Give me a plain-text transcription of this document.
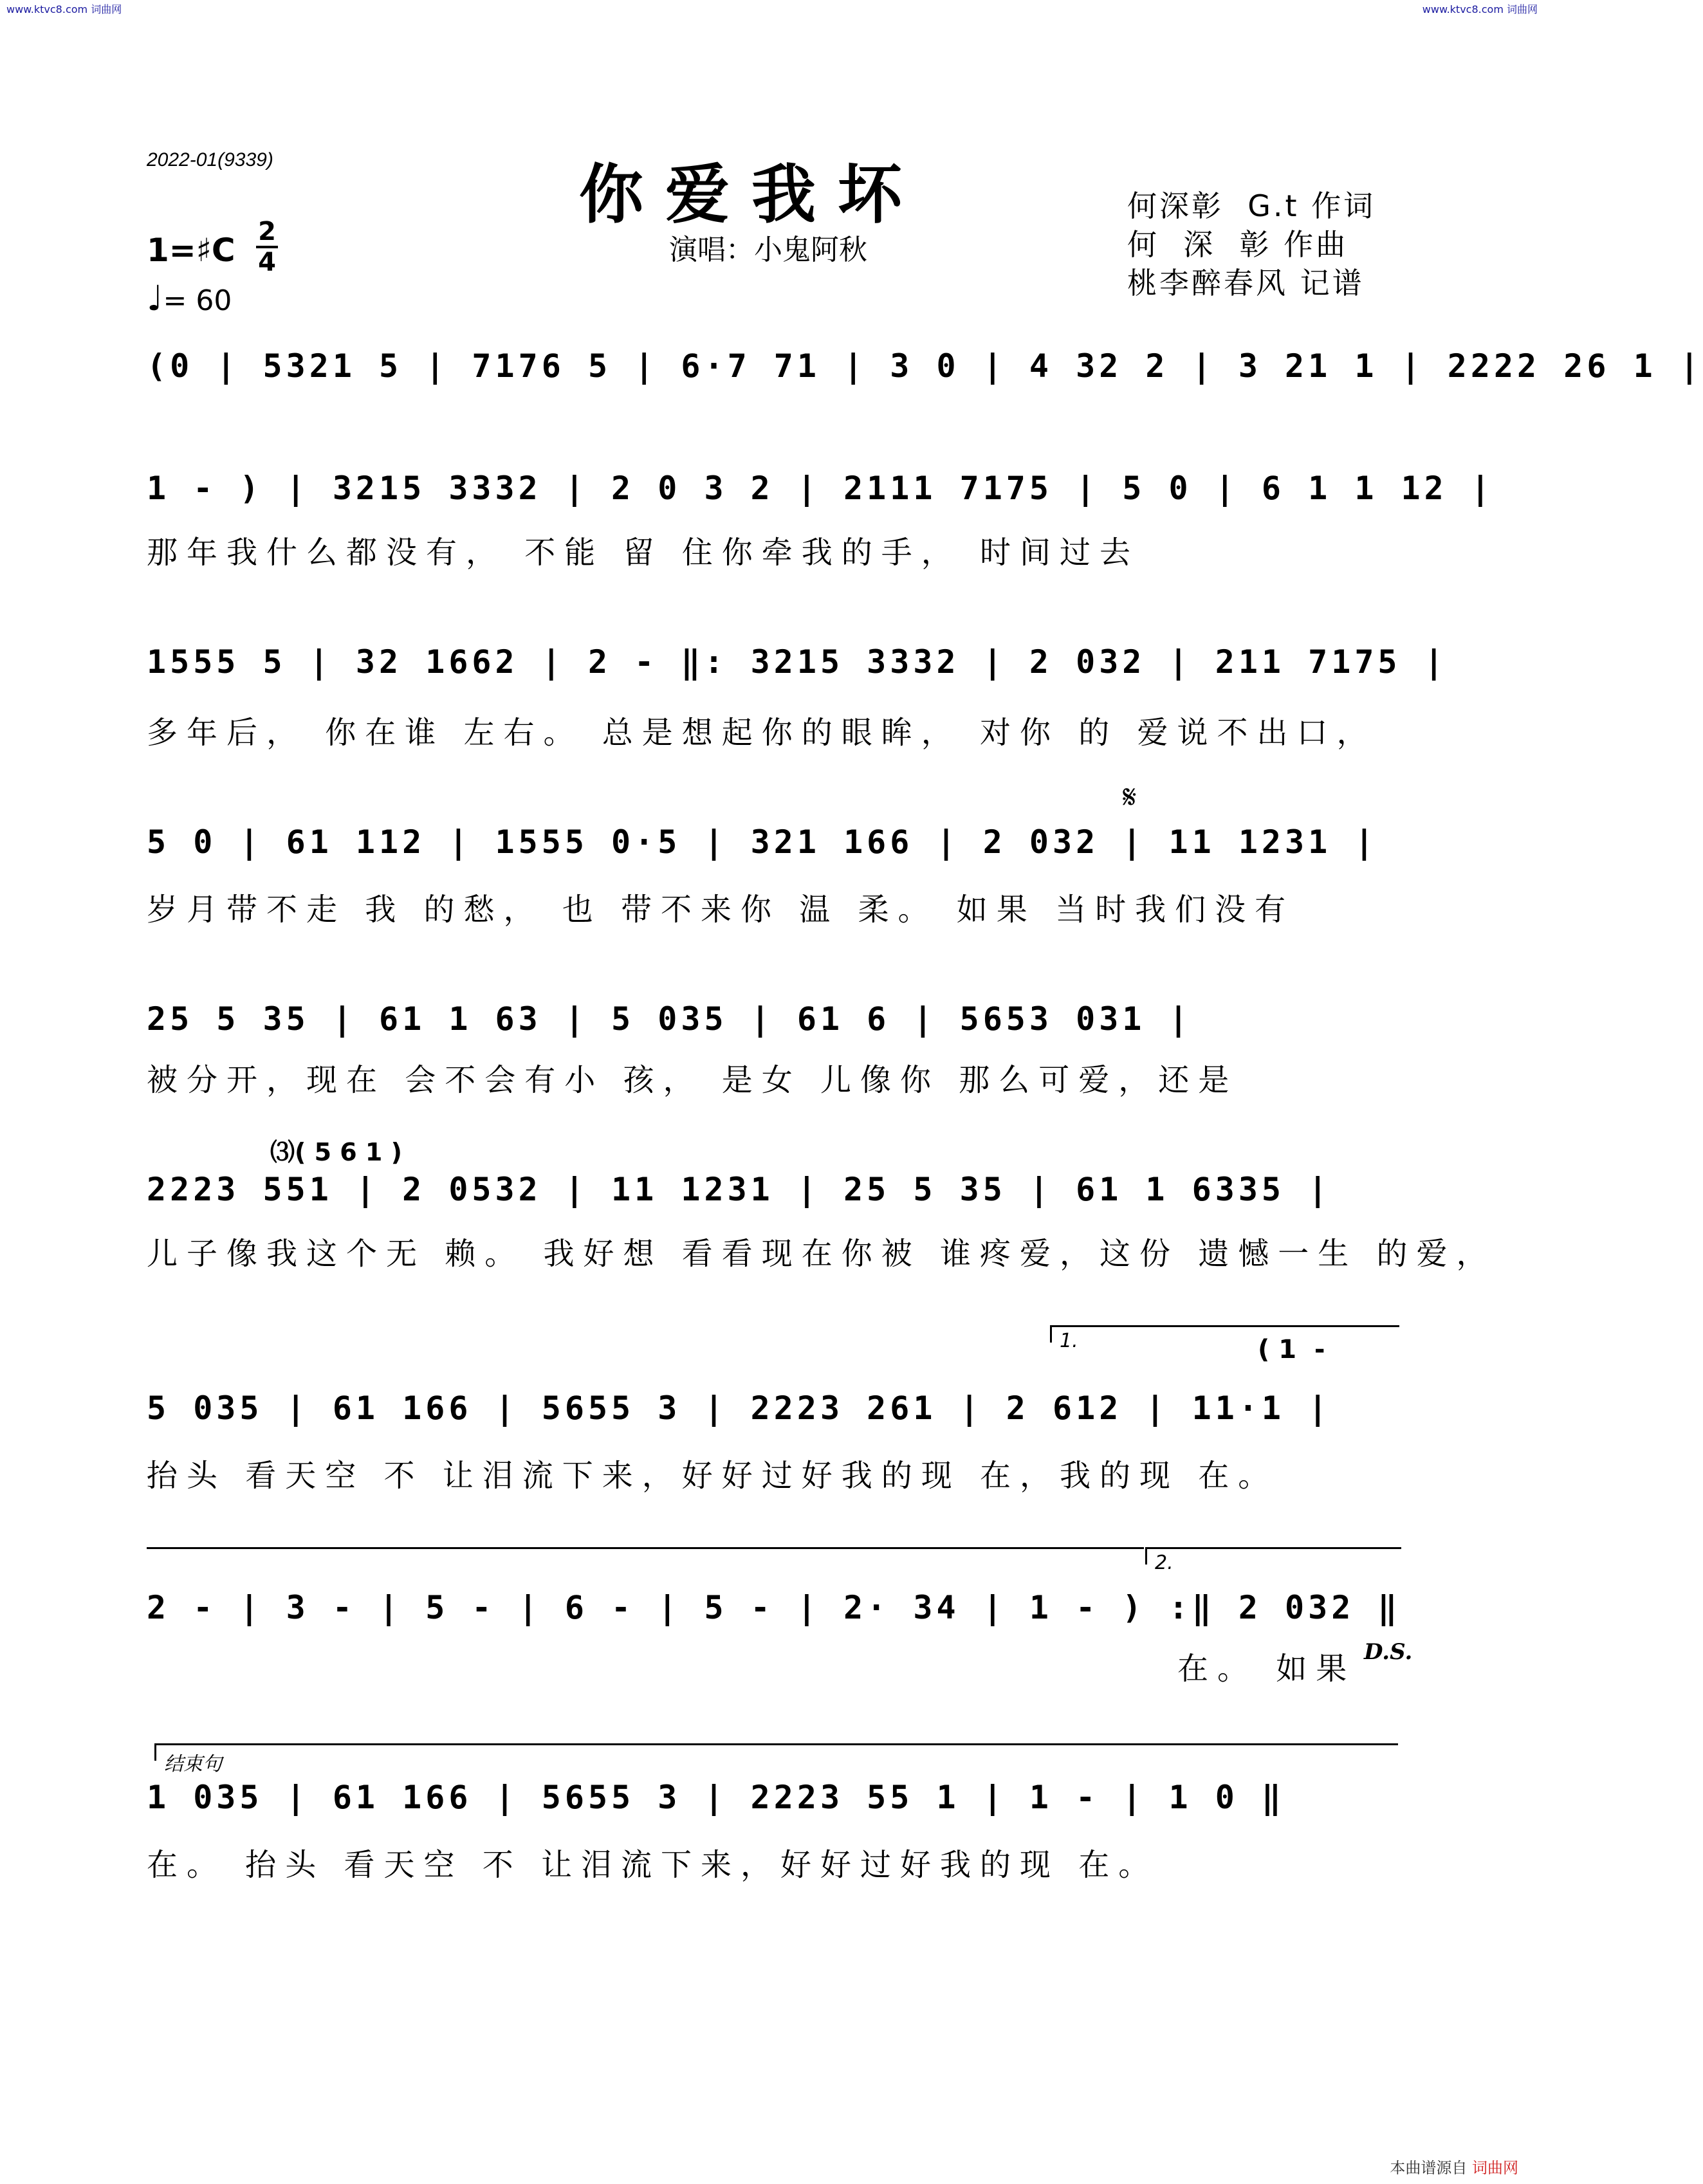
www.ktvc8.com 词曲网	www.ktvc8.com 词曲网
2022-01(9339)	你爱我坏
演唱：小鬼阿秋
何深彰  G.t 作词
何  深  彰 作曲
桃李醉春风 记谱
1=♯C 2
4
♩= 60
(0 | 5321 5 | 7176 5 | 6·7 71 | 3 0 | 4 32 2 | 3 21 1 | 2222 26 1 |
1 - ) | 3215 3332 | 2 0 3 2 | 2111 7175 | 5 0 | 6 1 1 12 |
那年我什么都没有， 不能 留 住你牵我的手， 时间过去
1555 5 | 32 1662 | 2 - ‖: 3215 3332 | 2 032 | 211 7175 |
多年后， 你在谁 左右。 总是想起你的眼眸， 对你 的 爱说不出口，
𝄋
5 0 | 61 112 | 1555 0·5 | 321 166 | 2 032 | 11 1231 |
岁月带不走 我 的愁， 也 带不来你 温 柔。 如果 当时我们没有
25 5 35 | 61 1 63 | 5 035 | 61 6 | 5653 031 |
被分开，现在 会不会有小 孩， 是女 儿像你 那么可爱，还是
⑶( 5 6 1 )
2223 551 | 2 0532 | 11 1231 | 25 5 35 | 61 1 6335 |
儿子像我这个无 赖。 我好想 看看现在你被 谁疼爱，这份 遗憾一生 的爱，
1.	( 1  -
5 035 | 61 166 | 5655 3 | 2223 261 | 2 612 | 11·1 |
抬头 看天空 不 让泪流下来，好好过好我的现 在，我的现 在。
2.
2 - | 3 - | 5 - | 6 - | 5 - | 2· 34 | 1 - ) :‖ 2 032 ‖
在。 如果 D.S.
结束句
1 035 | 61 166 | 5655 3 | 2223 55 1 | 1 - | 1 0 ‖
在。 抬头 看天空 不 让泪流下来，好好过好我的现 在。
本曲谱源自 词曲网
